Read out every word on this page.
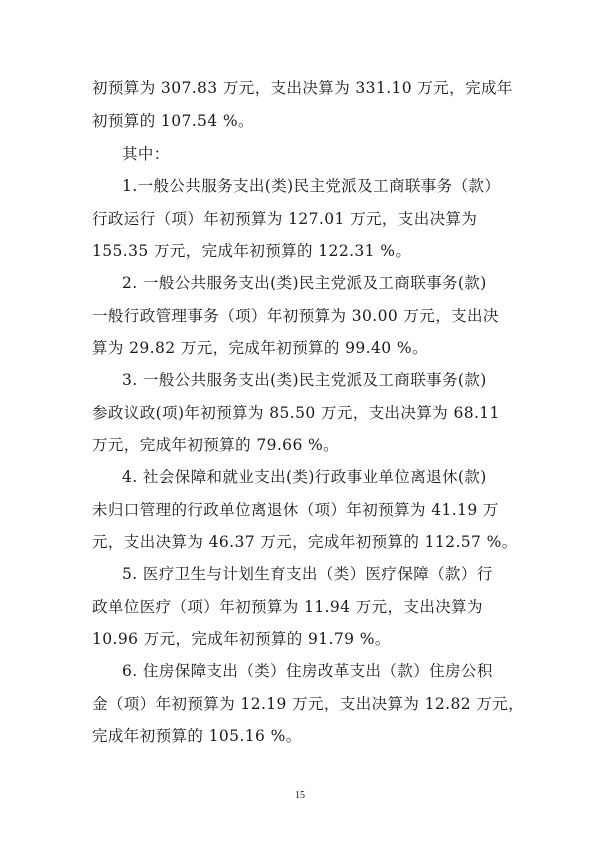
初预算为 307.83 万元，支出决算为 331.10 万元，完成年
初预算的 107.54 %。
其中：
1.一般公共服务支出(类)民主党派及工商联事务（款）
行政运行（项）年初预算为 127.01 万元，支出决算为
155.35 万元，完成年初预算的 122.31 %。
2. 一般公共服务支出(类)民主党派及工商联事务(款)
一般行政管理事务（项）年初预算为 30.00 万元，支出决
算为 29.82 万元，完成年初预算的 99.40 %。
3. 一般公共服务支出(类)民主党派及工商联事务(款)
参政议政(项)年初预算为 85.50 万元，支出决算为 68.11
万元，完成年初预算的 79.66 %。
4. 社会保障和就业支出(类)行政事业单位离退休(款)
未归口管理的行政单位离退休（项）年初预算为 41.19 万
元，支出决算为 46.37 万元，完成年初预算的 112.57 %。
5. 医疗卫生与计划生育支出（类）医疗保障（款）行
政单位医疗（项）年初预算为 11.94 万元，支出决算为
10.96 万元，完成年初预算的 91.79 %。
6. 住房保障支出（类）住房改革支出（款）住房公积
金（项）年初预算为 12.19 万元，支出决算为 12.82 万元，
完成年初预算的 105.16 %。
15
